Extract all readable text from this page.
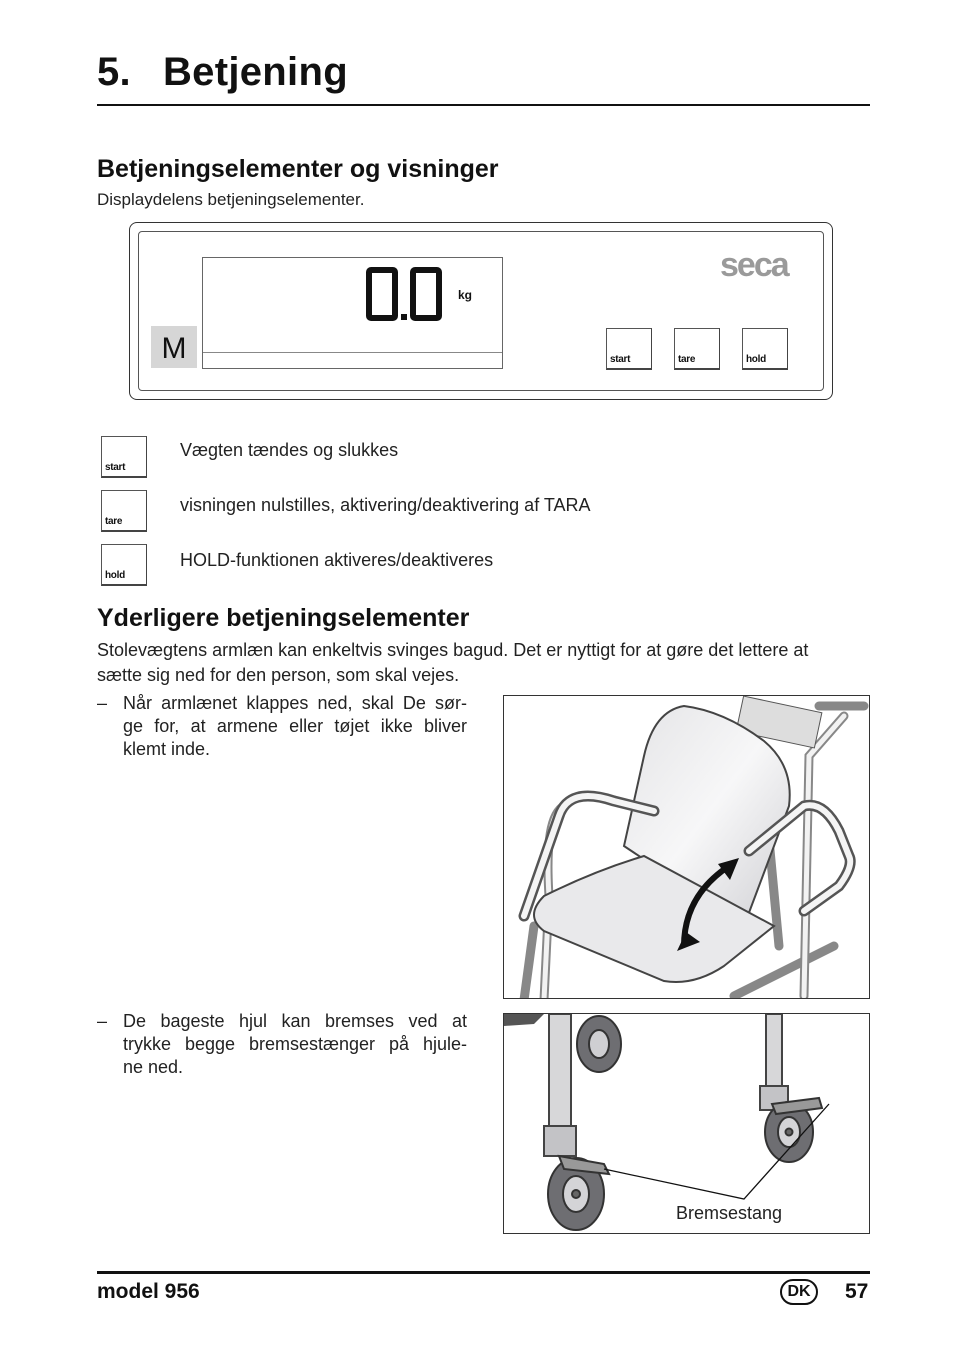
5. Betjening
Betjeningselementer og visninger
Displaydelens betjeningselementer.
kg
seca
M	start	tare	hold
start
Vægten tændes og slukkes
tare
visningen nulstilles, aktivering/deaktivering af TARA
hold
HOLD-funktionen aktiveres/deaktiveres
Yderligere betjeningselementer
Stolevægtens armlæn kan enkeltvis svinges bagud. Det er nyttigt for at gøre det lettere at
sætte sig ned for den person, som skal vejes.
– Når armlænet klappes ned, skal De sør-
ge for, at armene eller tøjet ikke bliver
klemt inde.
– De bageste hjul kan bremses ved at
trykke begge bremsestænger på hjule-
ne ned.
Bremsestang
model 956	DK	57
